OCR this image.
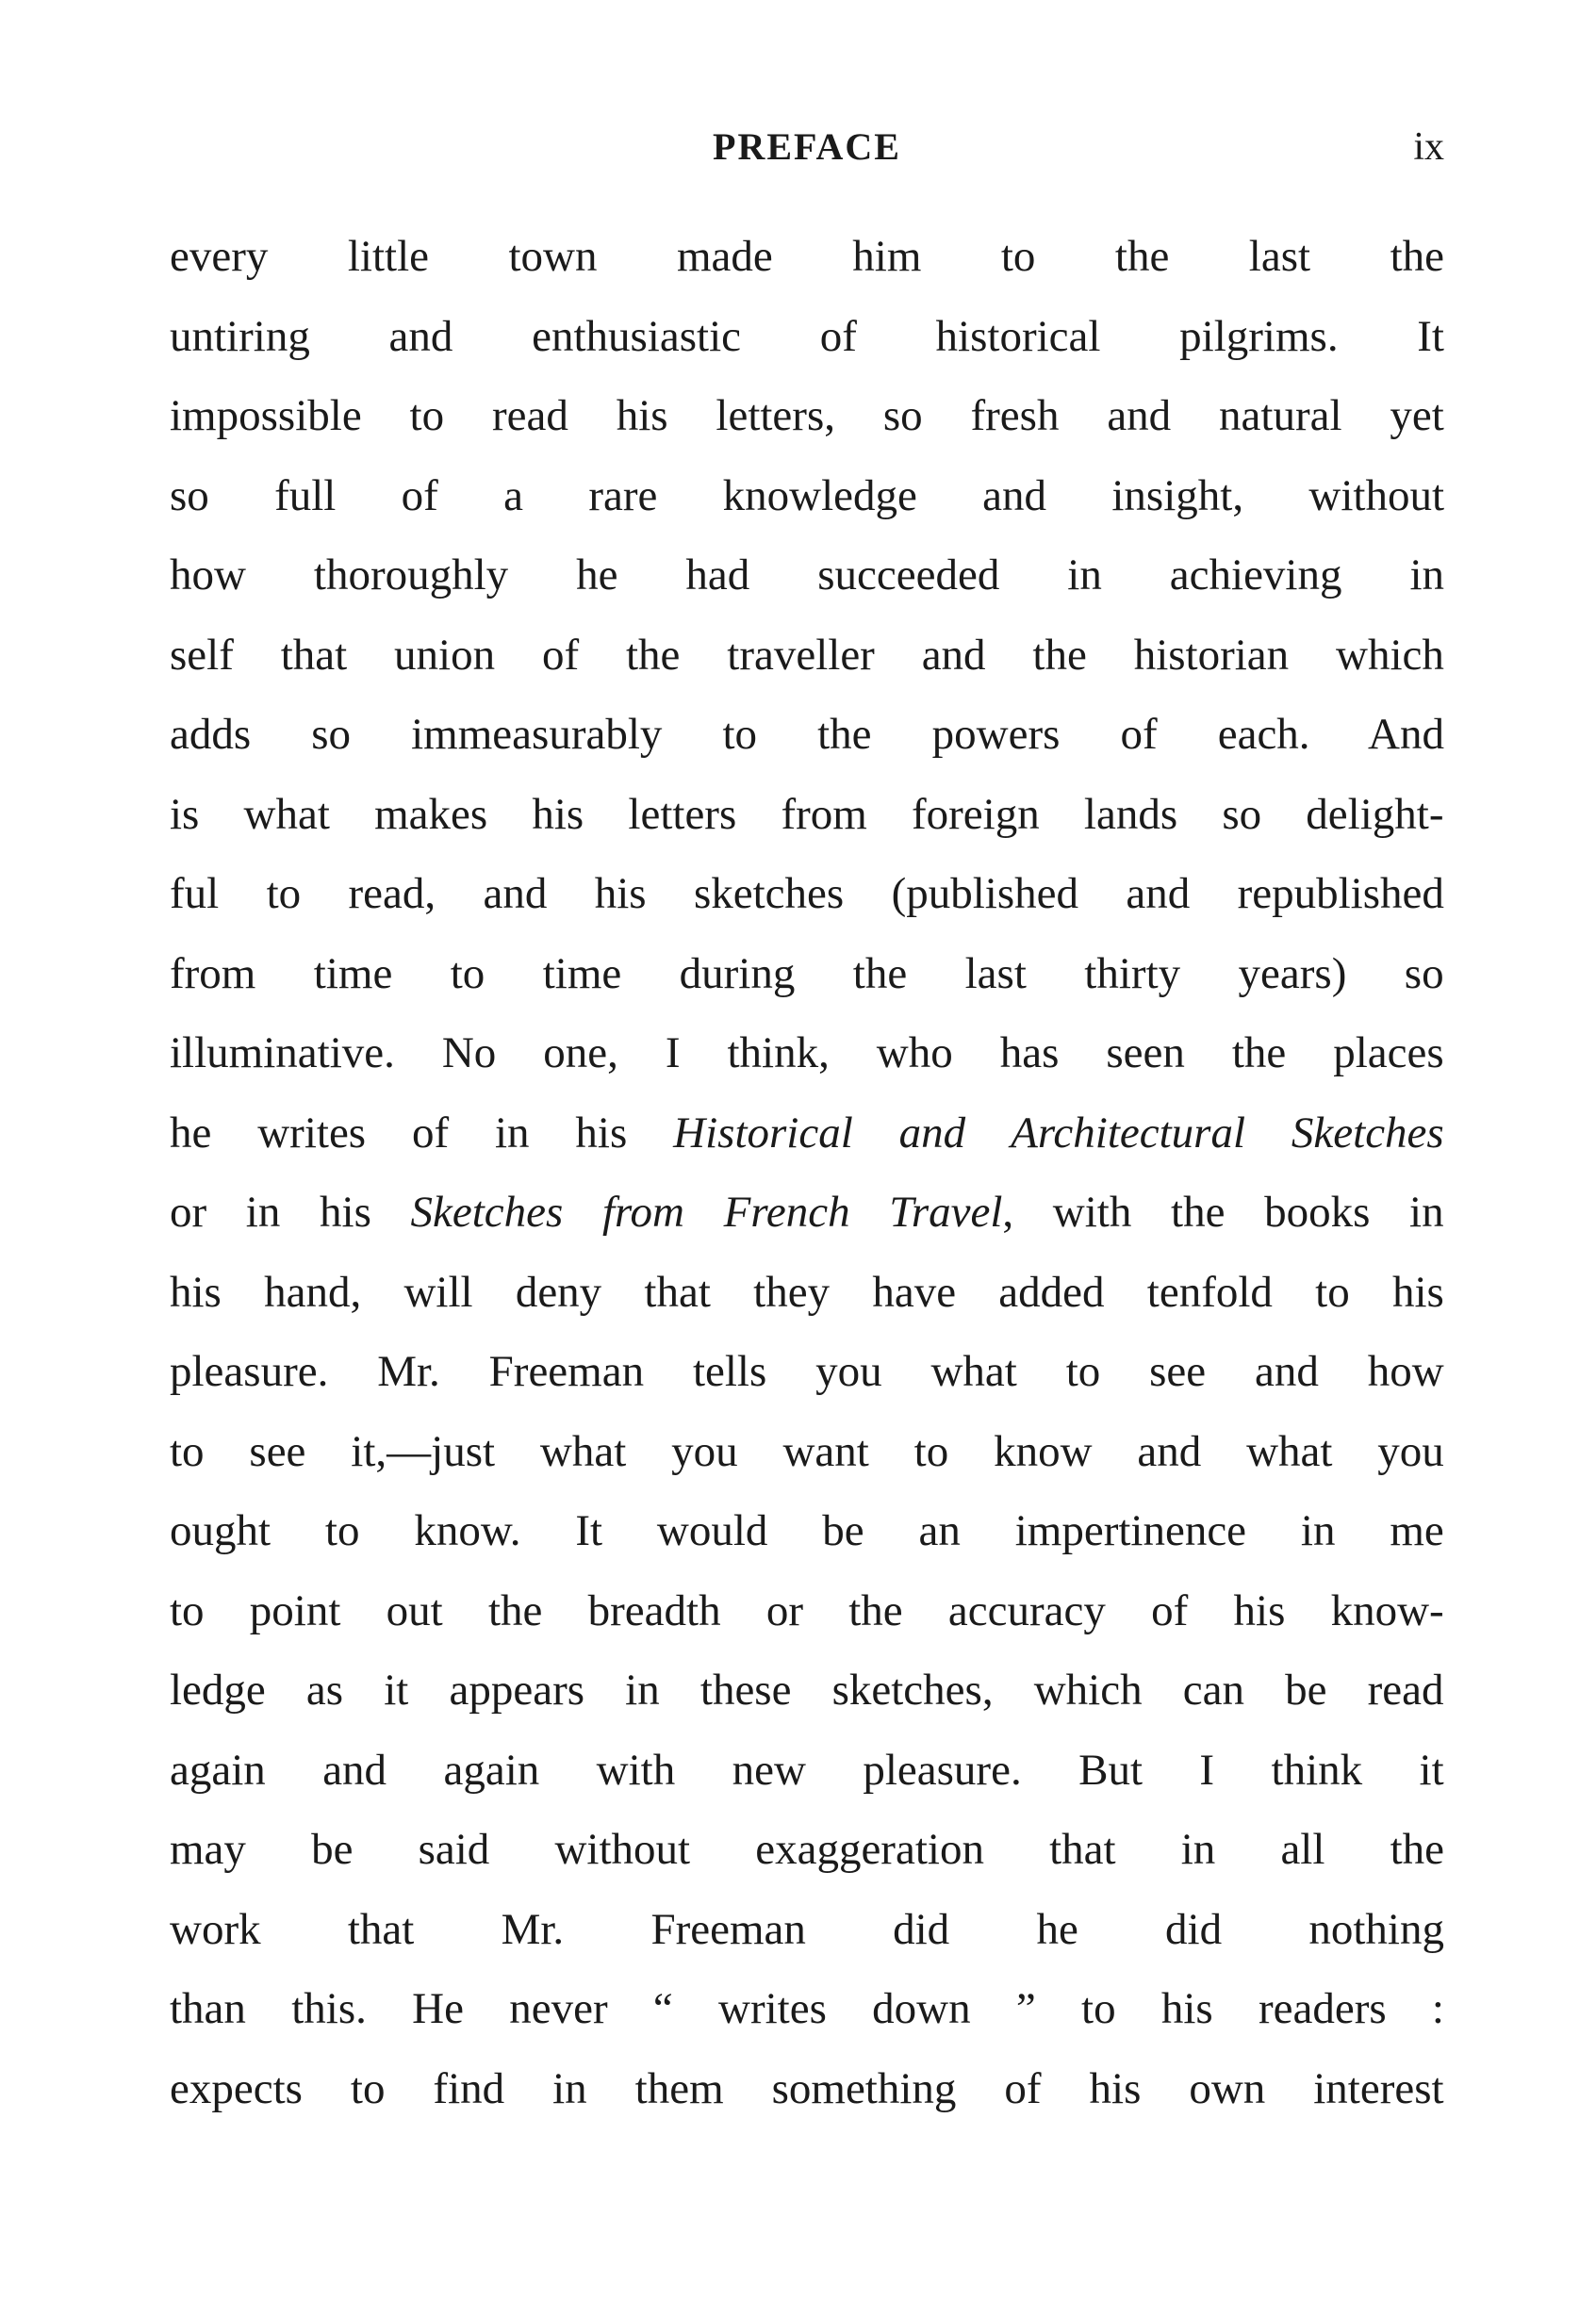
PREFACE	ix
every little town made him to the last the
untiring and enthusiastic of historical pilgrims. It
impossible to read his letters, so fresh and natural yet
so full of a rare knowledge and insight, without
how thoroughly he had succeeded in achieving in
self that union of the traveller and the historian which
adds so immeasurably to the powers of each. And
is what makes his letters from foreign lands so delight-
ful to read, and his sketches (published and republished
from time to time during the last thirty years) so
illuminative. No one, I think, who has seen the places
he writes of in his Historical and Architectural Sketches
or in his Sketches from French Travel, with the books in
his hand, will deny that they have added tenfold to his
pleasure. Mr. Freeman tells you what to see and how
to see it,—just what you want to know and what you
ought to know. It would be an impertinence in me
to point out the breadth or the accuracy of his know-
ledge as it appears in these sketches, which can be read
again and again with new pleasure. But I think it
may be said without exaggeration that in all the
work that Mr. Freeman did he did nothing
than this. He never “ writes down ” to his readers :
expects to find in them something of his own interest
